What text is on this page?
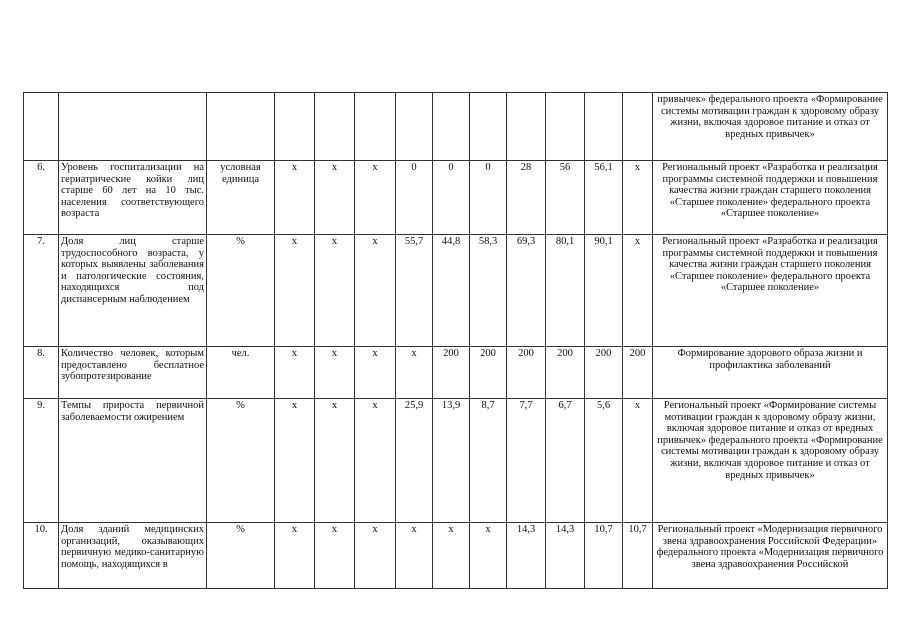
													привычек» федерального проекта «Формирование системы мотивации граждан к здоровому образу жизни, включая здоровое питание и отказ от вредных привычек»
6.	Уровень госпитализации на гериатрические койки лиц старше 60 лет на 10 тыс. населения соответствующего возраста	условная единица	х	х	х	0	0	0	28	56	56,1	х	Региональный проект «Разработка и реализация программы системной поддержки и повышения качества жизни граждан старшего поколения «Старшее поколение» федерального проекта «Старшее поколение»
7.	Доля лиц старше трудоспособного возраста, у которых выявлены заболевания и патологические состояния, находящихся под диспансерным наблюдением	%	х	х	х	55,7	44,8	58,3	69,3	80,1	90,1	х	Региональный проект «Разработка и реализация программы системной поддержки и повышения качества жизни граждан старшего поколения «Старшее поколение» федерального проекта «Старшее поколение»
8.	Количество человек, которым предоставлено бесплатное зубопротезирование	чел.	х	х	х	х	200	200	200	200	200	200	Формирование здорового образа жизни и профилактика заболеваний
9.	Темпы прироста первичной заболеваемости ожирением	%	х	х	х	25,9	13,9	8,7	7,7	6,7	5,6	х	Региональный проект «Формирование системы мотивации граждан к здоровому образу жизни, включая здоровое питание и отказ от вредных привычек» федерального проекта «Формирование системы мотивации граждан к здоровому образу жизни, включая здоровое питание и отказ от вредных привычек»
10.	Доля зданий медицинских организаций, оказывающих первичную медико-санитарную помощь, находящихся в	%	х	х	х	х	х	х	14,3	14,3	10,7	10,7	Региональный проект «Модернизация первичного звена здравоохранения Российской Федерации» федерального проекта «Модернизация первичного звена здравоохранения Российской
